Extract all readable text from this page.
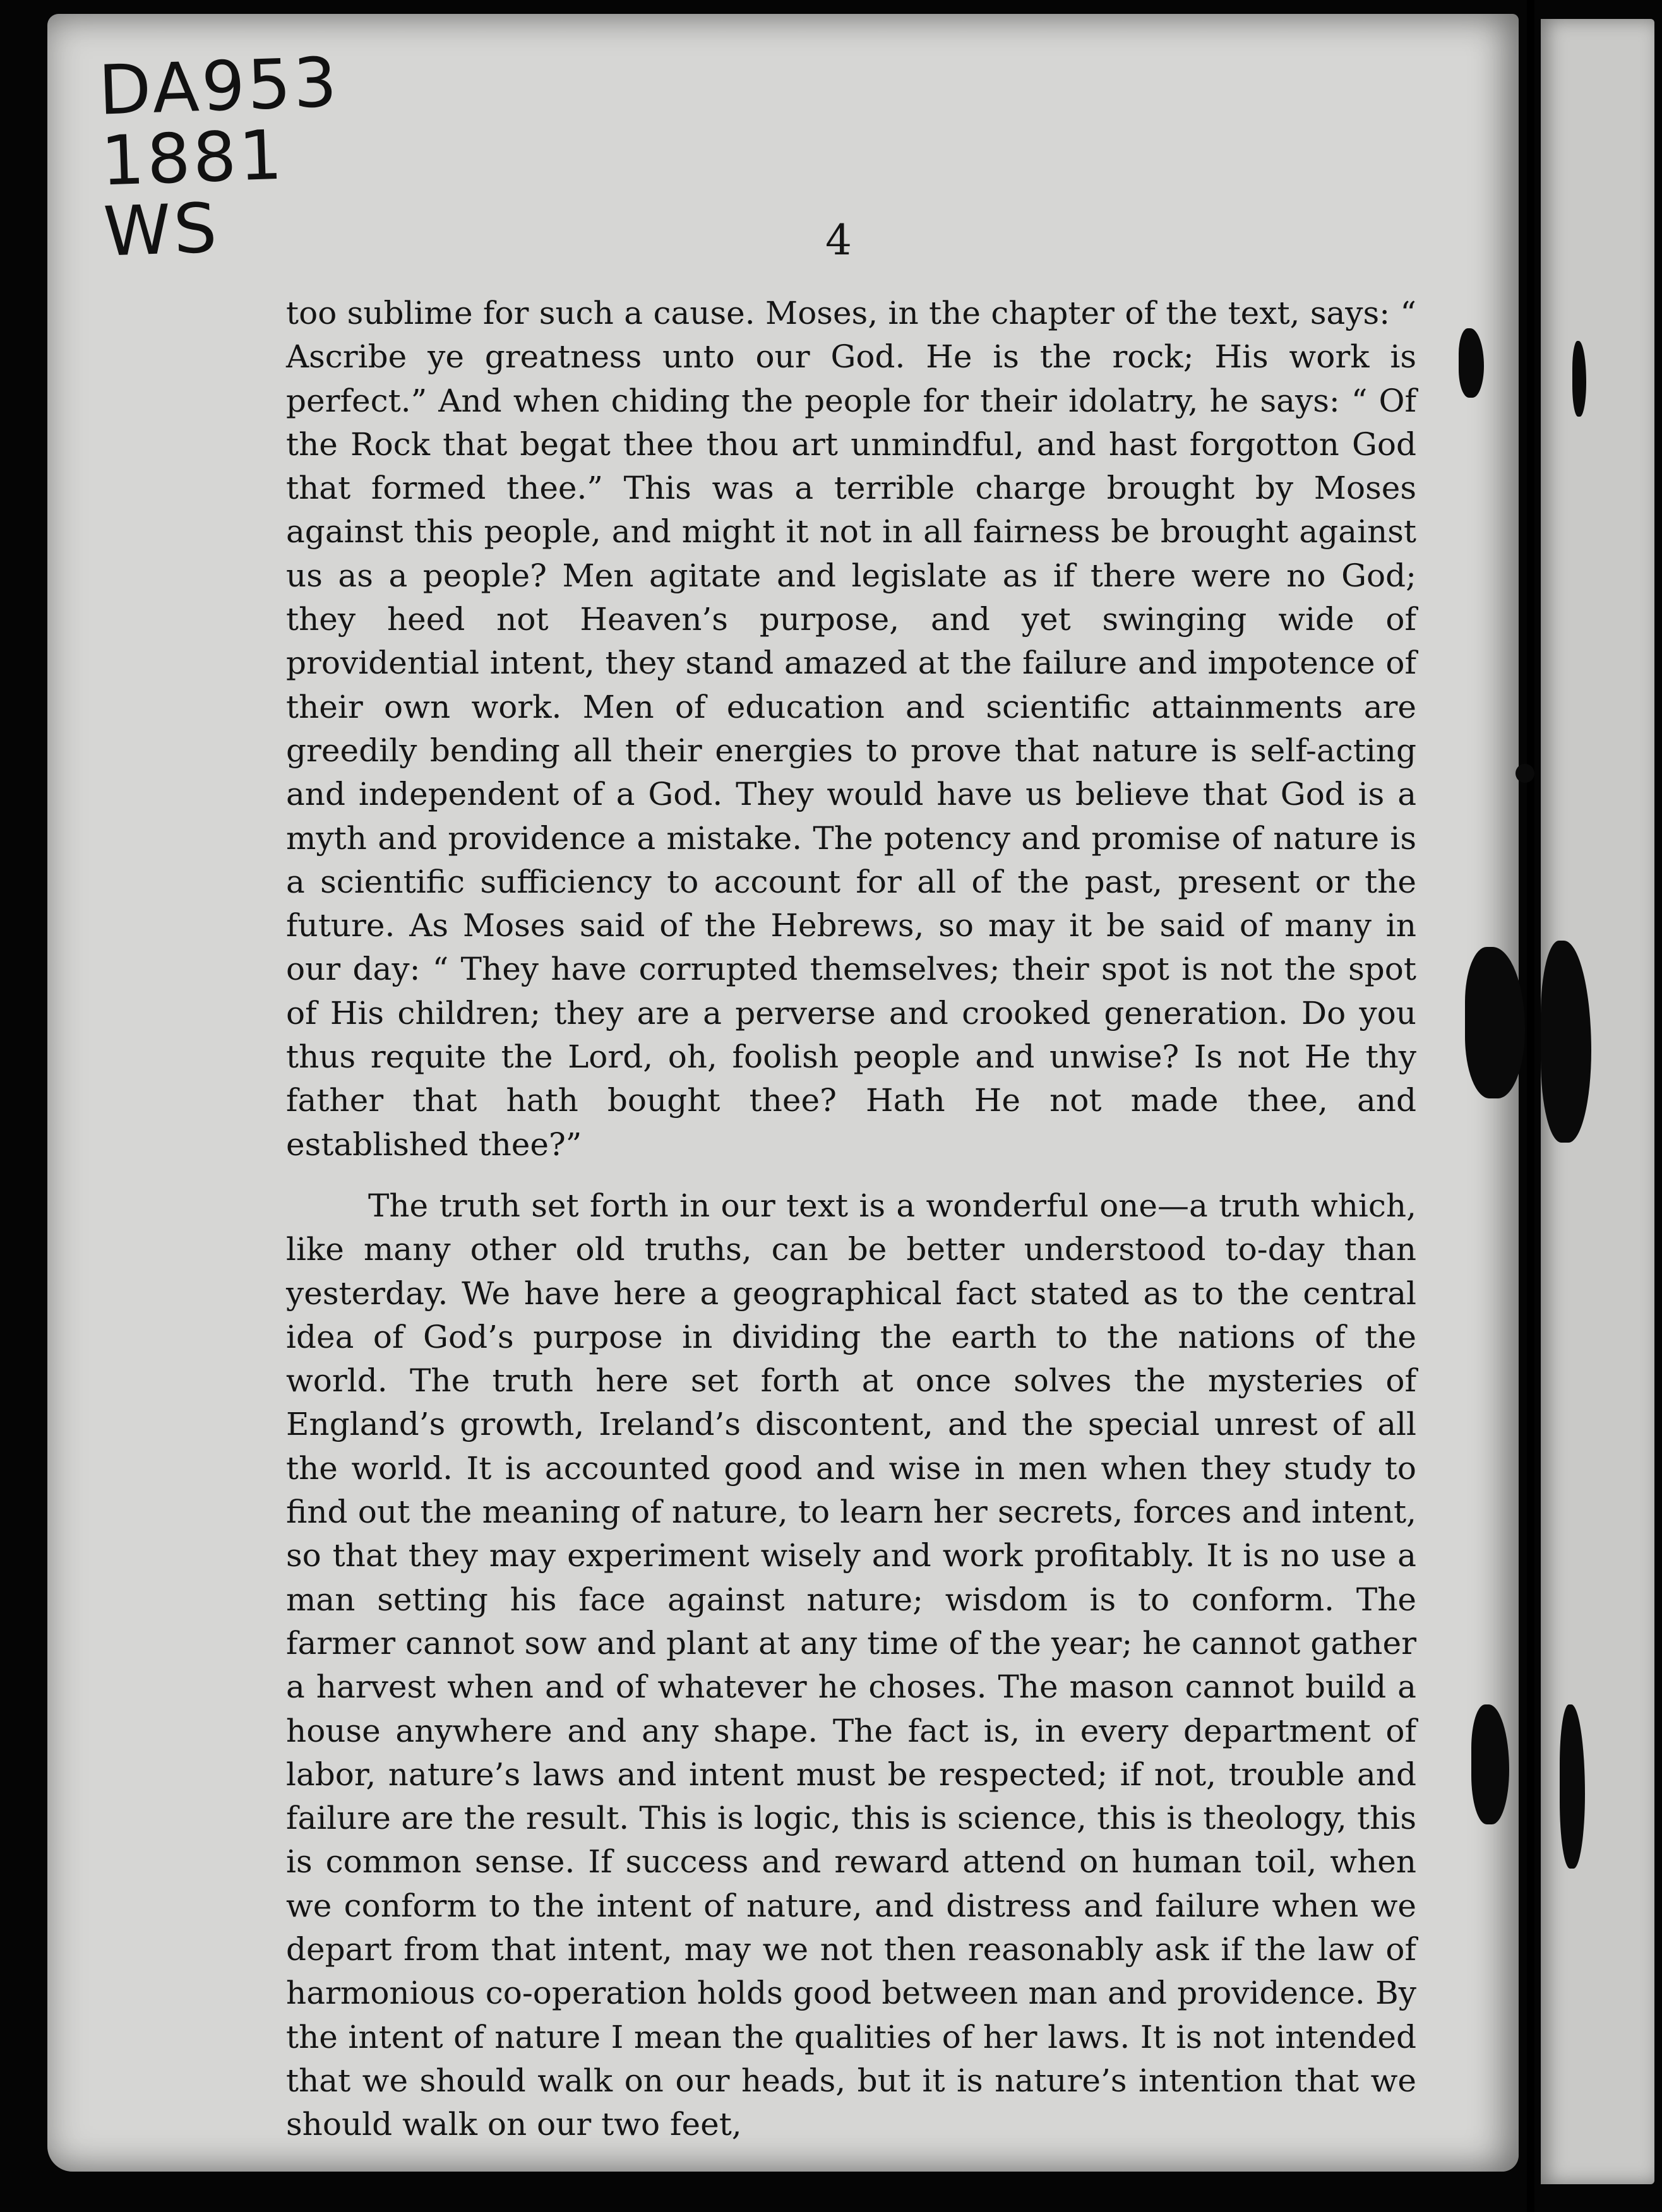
DA953
1881
WS	4

too sublime for such a cause. Moses, in the chapter of the text, says: “ Ascribe ye greatness unto our God. He is the rock; His work is perfect.” And when chiding the people for their idolatry, he says: “ Of the Rock that begat thee thou art unmindful, and hast forgotton God that formed thee.” This was a terrible charge brought by Moses against this people, and might it not in all fairness be brought against us as a people? Men agitate and legislate as if there were no God; they heed not Heaven’s purpose, and yet swinging wide of providential intent, they stand amazed at the failure and impotence of their own work. Men of education and scientific attainments are greedily bending all their energies to prove that nature is self-acting and independent of a God. They would have us believe that God is a myth and providence a mistake. The potency and promise of nature is a scientific sufficiency to account for all of the past, present or the future. As Moses said of the Hebrews, so may it be said of many in our day: “ They have corrupted themselves; their spot is not the spot of His children; they are a perverse and crooked generation. Do you thus requite the Lord, oh, foolish people and unwise? Is not He thy father that hath bought thee? Hath He not made thee, and established thee?”

The truth set forth in our text is a wonderful one—a truth which, like many other old truths, can be better understood to-day than yesterday. We have here a geographical fact stated as to the central idea of God’s purpose in dividing the earth to the nations of the world. The truth here set forth at once solves the mysteries of England’s growth, Ireland’s discontent, and the special unrest of all the world. It is accounted good and wise in men when they study to find out the meaning of nature, to learn her secrets, forces and intent, so that they may experiment wisely and work profitably. It is no use a man setting his face against nature; wisdom is to conform. The farmer cannot sow and plant at any time of the year; he cannot gather a harvest when and of whatever he choses. The mason cannot build a house anywhere and any shape. The fact is, in every department of labor, nature’s laws and intent must be respected; if not, trouble and failure are the result. This is logic, this is science, this is theology, this is common sense. If success and reward attend on human toil, when we conform to the intent of nature, and distress and failure when we depart from that intent, may we not then reasonably ask if the law of harmonious co-operation holds good between man and providence. By the intent of nature I mean the qualities of her laws. It is not intended that we should walk on our heads, but it is nature’s intention that we should walk on our two feet,
